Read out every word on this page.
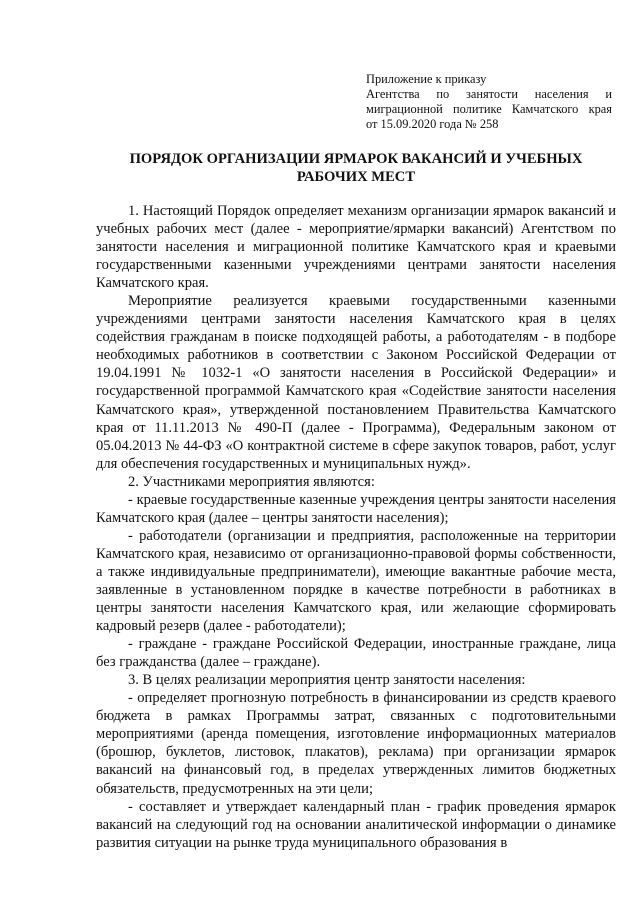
Приложение к приказу
Агентства по занятости населения и
миграционной политике Камчатского края
от 15.09.2020 года № 258
ПОРЯДОК ОРГАНИЗАЦИИ ЯРМАРОК ВАКАНСИЙ И УЧЕБНЫХ
РАБОЧИХ МЕСТ

1. Настоящий Порядок определяет механизм организации ярмарок вакансий и учебных рабочих мест (далее - мероприятие/ярмарки вакансий) Агентством по занятости населения и миграционной политике Камчатского края и краевыми государственными казенными учреждениями центрами занятости населения Камчатского края.

Мероприятие реализуется краевыми государственными казенными учреждениями центрами занятости населения Камчатского края в целях содействия гражданам в поиске подходящей работы, а работодателям - в подборе необходимых работников в соответствии с Законом Российской Федерации от 19.04.1991 № 1032-1 «О занятости населения в Российской Федерации» и государственной программой Камчатского края «Содействие занятости населения Камчатского края», утвержденной постановлением Правительства Камчатского края от 11.11.2013 № 490-П (далее - Программа), Федеральным законом от 05.04.2013 № 44-ФЗ «О контрактной системе в сфере закупок товаров, работ, услуг для обеспечения государственных и муниципальных нужд».

2. Участниками мероприятия являются:

- краевые государственные казенные учреждения центры занятости населения Камчатского края (далее – центры занятости населения);

- работодатели (организации и предприятия, расположенные на территории Камчатского края, независимо от организационно-правовой формы собственности, а также индивидуальные предприниматели), имеющие вакантные рабочие места, заявленные в установленном порядке в качестве потребности в работниках в центры занятости населения Камчатского края, или желающие сформировать кадровый резерв (далее - работодатели);

- граждане - граждане Российской Федерации, иностранные граждане, лица без гражданства (далее – граждане).

3. В целях реализации мероприятия центр занятости населения:

- определяет прогнозную потребность в финансировании из средств краевого бюджета в рамках Программы затрат, связанных с подготовительными мероприятиями (аренда помещения, изготовление информационных материалов (брошюр, буклетов, листовок, плакатов), реклама) при организации ярмарок вакансий на финансовый год, в пределах утвержденных лимитов бюджетных обязательств, предусмотренных на эти цели;

- составляет и утверждает календарный план - график проведения ярмарок вакансий на следующий год на основании аналитической информации о динамике развития ситуации на рынке труда муниципального образования в
